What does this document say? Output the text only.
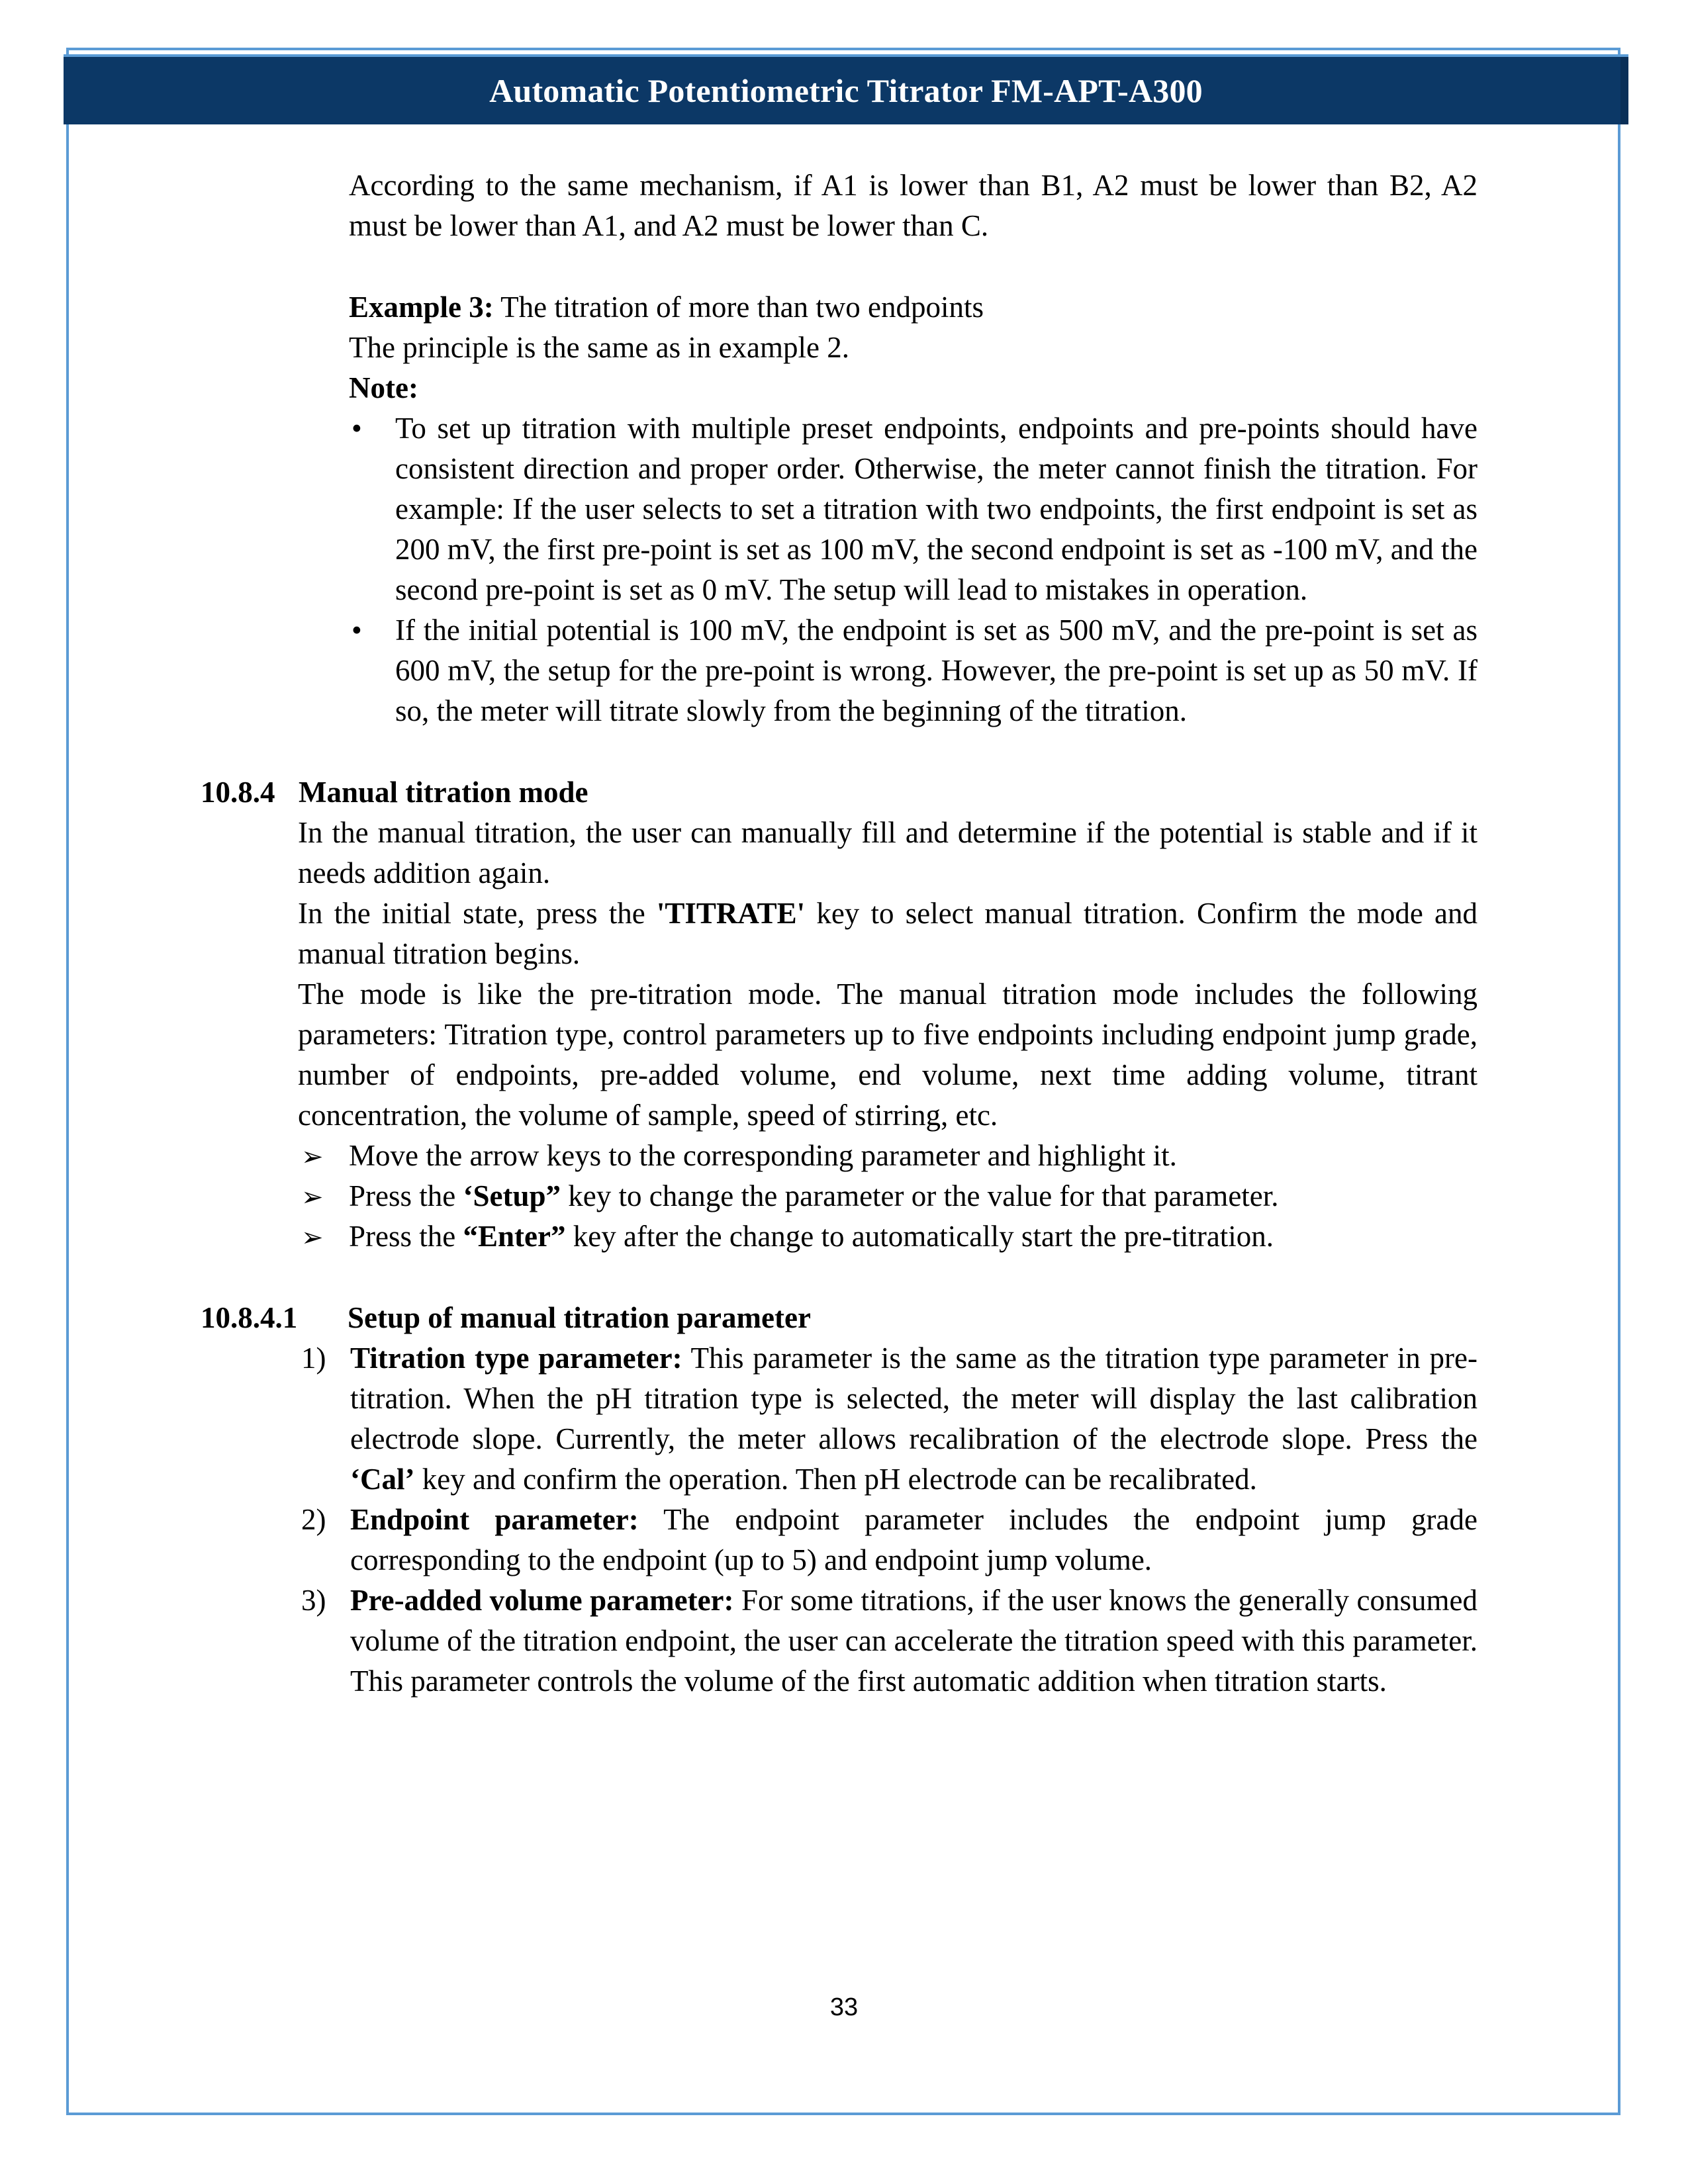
Automatic Potentiometric Titrator FM-APT-A300

According to the same mechanism, if A1 is lower than B1, A2 must be lower than B2, A2 must be lower than A1, and A2 must be lower than C.

Example 3: The titration of more than two endpoints

The principle is the same as in example 2.

Note:

• To set up titration with multiple preset endpoints, endpoints and pre-points should have consistent direction and proper order. Otherwise, the meter cannot finish the titration. For example: If the user selects to set a titration with two endpoints, the first endpoint is set as 200 mV, the first pre-point is set as 100 mV, the second endpoint is set as -100 mV, and the second pre-point is set as 0 mV. The setup will lead to mistakes in operation.
• If the initial potential is 100 mV, the endpoint is set as 500 mV, and the pre-point is set as 600 mV, the setup for the pre-point is wrong. However, the pre-point is set up as 50 mV. If so, the meter will titrate slowly from the beginning of the titration.

10.8.4 Manual titration mode

In the manual titration, the user can manually fill and determine if the potential is stable and if it needs addition again.

In the initial state, press the 'TITRATE' key to select manual titration. Confirm the mode and manual titration begins.

The mode is like the pre-titration mode. The manual titration mode includes the following parameters: Titration type, control parameters up to five endpoints including endpoint jump grade, number of endpoints, pre-added volume, end volume, next time adding volume, titrant concentration, the volume of sample, speed of stirring, etc.

➢ Move the arrow keys to the corresponding parameter and highlight it.
➢ Press the ‘Setup” key to change the parameter or the value for that parameter.
➢ Press the “Enter” key after the change to automatically start the pre-titration.

10.8.4.1 Setup of manual titration parameter

1) Titration type parameter: This parameter is the same as the titration type parameter in pre-titration. When the pH titration type is selected, the meter will display the last calibration electrode slope. Currently, the meter allows recalibration of the electrode slope. Press the ‘Cal’ key and confirm the operation. Then pH electrode can be recalibrated.
2) Endpoint parameter: The endpoint parameter includes the endpoint jump grade corresponding to the endpoint (up to 5) and endpoint jump volume.
3) Pre-added volume parameter: For some titrations, if the user knows the generally consumed volume of the titration endpoint, the user can accelerate the titration speed with this parameter. This parameter controls the volume of the first automatic addition when titration starts.
33
